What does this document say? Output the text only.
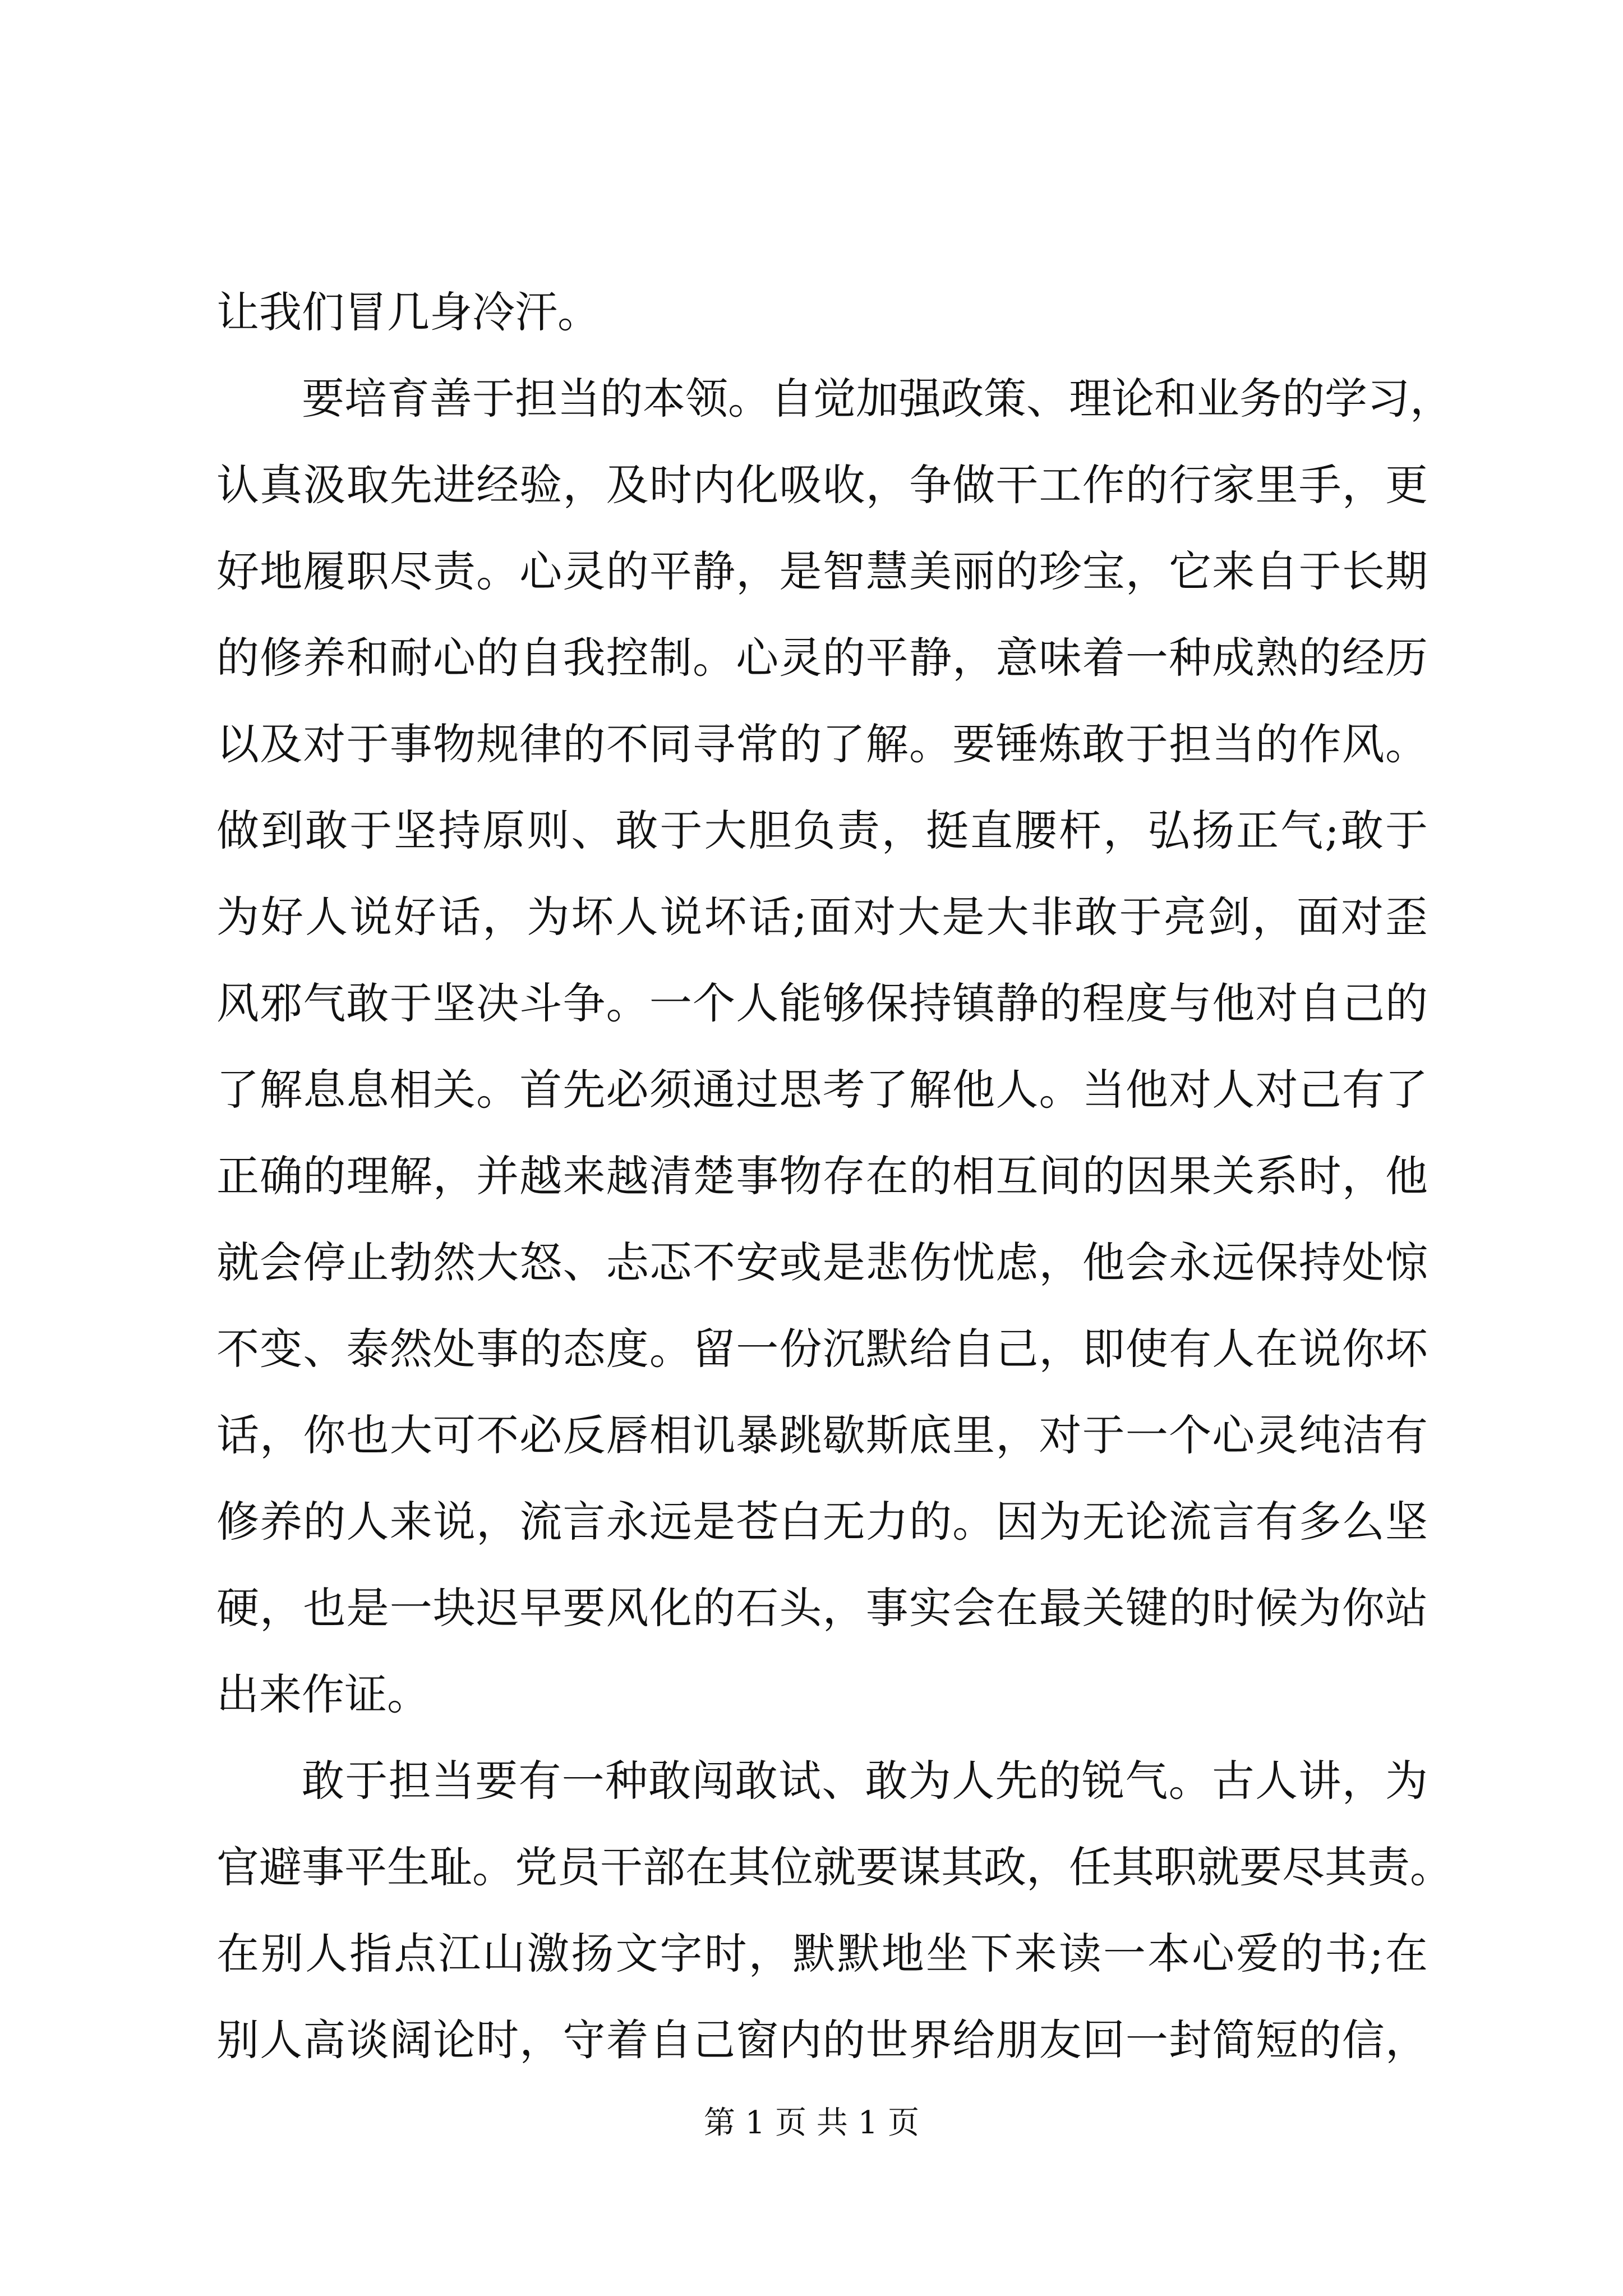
让我们冒几身冷汗。
要培育善于担当的本领。自觉加强政策、理论和业务的学习，
认真汲取先进经验，及时内化吸收，争做干工作的行家里手，更
好地履职尽责。心灵的平静，是智慧美丽的珍宝，它来自于长期
的修养和耐心的自我控制。心灵的平静，意味着一种成熟的经历
以及对于事物规律的不同寻常的了解。要锤炼敢于担当的作风。
做到敢于坚持原则、敢于大胆负责，挺直腰杆，弘扬正气;敢于
为好人说好话，为坏人说坏话;面对大是大非敢于亮剑，面对歪
风邪气敢于坚决斗争。一个人能够保持镇静的程度与他对自己的
了解息息相关。首先必须通过思考了解他人。当他对人对己有了
正确的理解，并越来越清楚事物存在的相互间的因果关系时，他
就会停止勃然大怒、忐忑不安或是悲伤忧虑，他会永远保持处惊
不变、泰然处事的态度。留一份沉默给自己，即使有人在说你坏
话，你也大可不必反唇相讥暴跳歇斯底里，对于一个心灵纯洁有
修养的人来说，流言永远是苍白无力的。因为无论流言有多么坚
硬，也是一块迟早要风化的石头，事实会在最关键的时候为你站
出来作证。
敢于担当要有一种敢闯敢试、敢为人先的锐气。古人讲，为
官避事平生耻。党员干部在其位就要谋其政，任其职就要尽其责。
在别人指点江山激扬文字时，默默地坐下来读一本心爱的书;在
别人高谈阔论时，守着自己窗内的世界给朋友回一封简短的信，
第 1 页 共 1 页
